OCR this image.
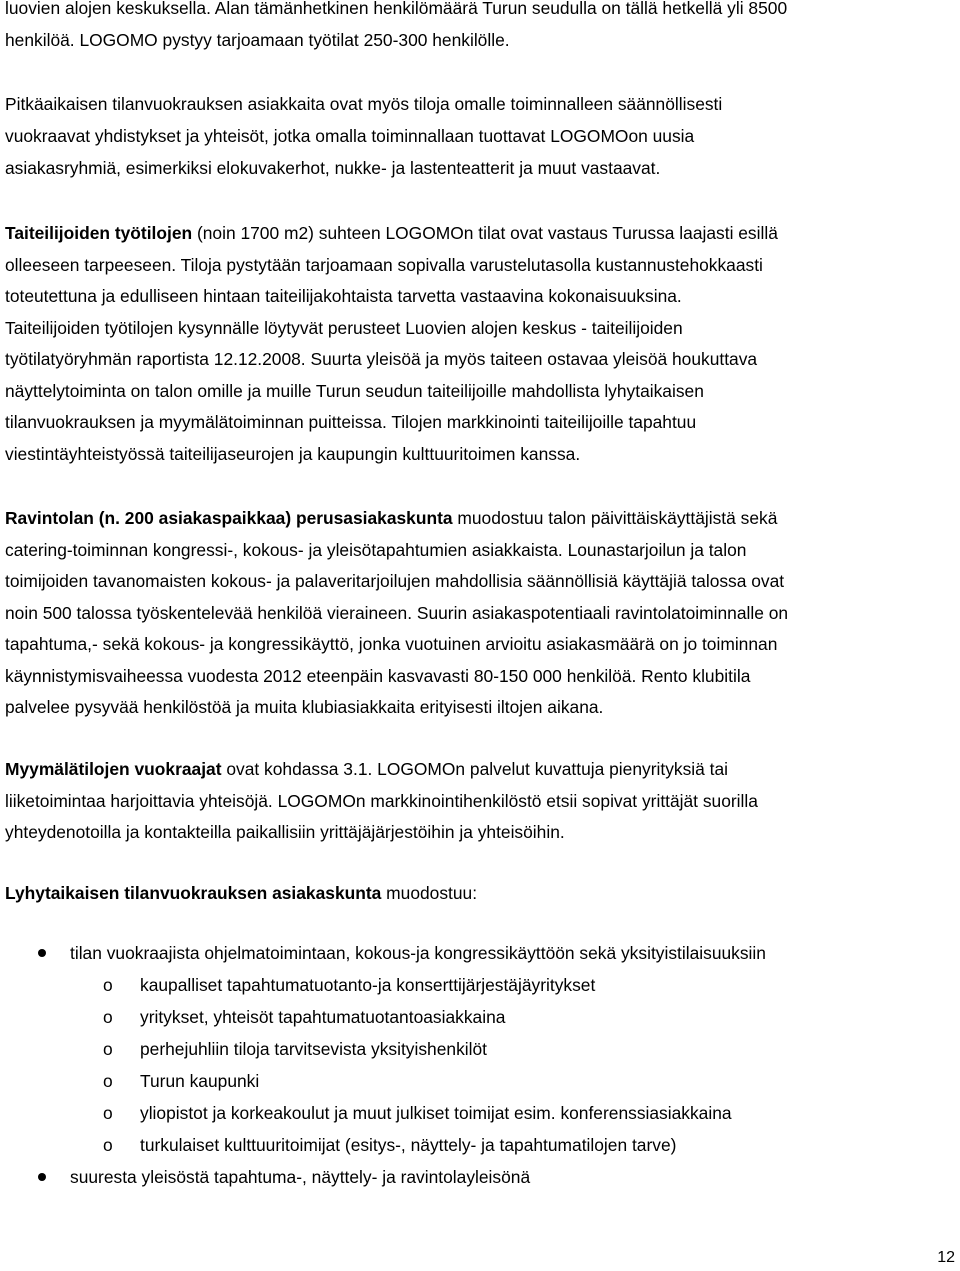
luovien alojen keskuksella. Alan tämänhetkinen henkilömäärä Turun seudulla on tällä hetkellä yli 8500
henkilöä. LOGOMO pystyy tarjoamaan työtilat 250-300 henkilölle.

Pitkäaikaisen tilanvuokrauksen asiakkaita ovat myös tiloja omalle toiminnalleen säännöllisesti
vuokraavat yhdistykset ja yhteisöt, jotka omalla toiminnallaan tuottavat LOGOMOon uusia
asiakasryhmiä, esimerkiksi elokuvakerhot, nukke- ja lastenteatterit ja muut vastaavat.

Taiteilijoiden työtilojen (noin 1700 m2) suhteen LOGOMOn tilat ovat vastaus Turussa laajasti esillä
olleeseen tarpeeseen. Tiloja pystytään tarjoamaan sopivalla varustelutasolla kustannustehokkaasti
toteutettuna ja edulliseen hintaan taiteilijakohtaista tarvetta vastaavina kokonaisuuksina.
Taiteilijoiden työtilojen kysynnälle löytyvät perusteet Luovien alojen keskus - taiteilijoiden
työtilatyöryhmän raportista 12.12.2008. Suurta yleisöä ja myös taiteen ostavaa yleisöä houkuttava
näyttelytoiminta on talon omille ja muille Turun seudun taiteilijoille mahdollista lyhytaikaisen
tilanvuokrauksen ja myymälätoiminnan puitteissa. Tilojen markkinointi taiteilijoille tapahtuu
viestintäyhteistyössä taiteilijaseurojen ja kaupungin kulttuuritoimen kanssa.

Ravintolan (n. 200 asiakaspaikkaa) perusasiakaskunta muodostuu talon päivittäiskäyttäjistä sekä
catering-toiminnan kongressi-, kokous- ja yleisötapahtumien asiakkaista. Lounastarjoilun ja talon
toimijoiden tavanomaisten kokous- ja palaveritarjoilujen mahdollisia säännöllisiä käyttäjiä talossa ovat
noin 500 talossa työskentelevää henkilöä vieraineen. Suurin asiakaspotentiaali ravintolatoiminnalle on
tapahtuma,- sekä kokous- ja kongressikäyttö, jonka vuotuinen arvioitu asiakasmäärä on jo toiminnan
käynnistymisvaiheessa vuodesta 2012 eteenpäin kasvavasti 80-150 000 henkilöä. Rento klubitila
palvelee pysyvää henkilöstöä ja muita klubiasiakkaita erityisesti iltojen aikana.

Myymälätilojen vuokraajat ovat kohdassa 3.1. LOGOMOn palvelut kuvattuja pienyrityksiä tai
liiketoimintaa harjoittavia yhteisöjä. LOGOMOn markkinointihenkilöstö etsii sopivat yrittäjät suorilla
yhteydenotoilla ja kontakteilla paikallisiin yrittäjäjärjestöihin ja yhteisöihin.

Lyhytaikaisen tilanvuokrauksen asiakaskunta muodostuu:

tilan vuokraajista ohjelmatoimintaan, kokous-ja kongressikäyttöön sekä yksityistilaisuuksiin
o kaupalliset tapahtumatuotanto-ja konserttijärjestäjäyritykset
o yritykset, yhteisöt tapahtumatuotantoasiakkaina
o perhejuhliin tiloja tarvitsevista yksityishenkilöt
o Turun kaupunki
o yliopistot ja korkeakoulut ja muut julkiset toimijat esim. konferenssiasiakkaina
o turkulaiset kulttuuritoimijat (esitys-, näyttely- ja tapahtumatilojen tarve)
suuresta yleisöstä tapahtuma-, näyttely- ja ravintolayleisönä
12
